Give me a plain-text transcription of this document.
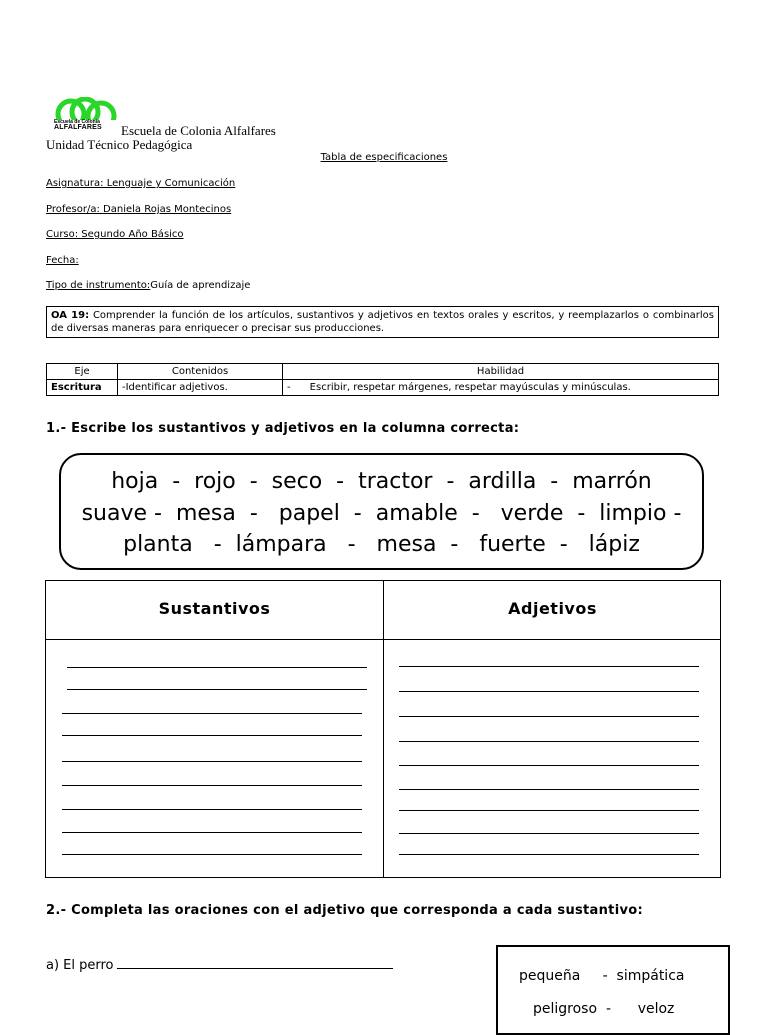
Escuela de Colonia
ALFALFARES Escuela de Colonia Alfalfares
Unidad Técnico Pedagógica
Tabla de especificaciones
Asignatura: Lenguaje y Comunicación
Profesor/a: Daniela Rojas Montecinos
Curso: Segundo Año Básico
Fecha:
Tipo de instrumento:Guía de aprendizaje
OA 19: Comprender la función de los artículos, sustantivos y adjetivos en textos orales y escritos, y reemplazarlos o combinarlos de diversas maneras para enriquecer o precisar sus producciones.
Eje	Contenidos	Habilidad
Escritura	-Identificar adjetivos.	-      Escribir, respetar márgenes, respetar mayúsculas y minúsculas.
1.- Escribe los sustantivos y adjetivos en la columna correcta:
hoja  -  rojo  -  seco  -  tractor  -  ardilla  -  marrón
suave -  mesa  -   papel  -  amable  -   verde  -  limpio -
planta   -  lámpara   -   mesa  -   fuerte  -   lápiz
Sustantivos	Adjetivos
2.- Completa las oraciones con el adjetivo que corresponda a cada sustantivo:
a) El perro
pequeña     -  simpática
peligroso  -      veloz
